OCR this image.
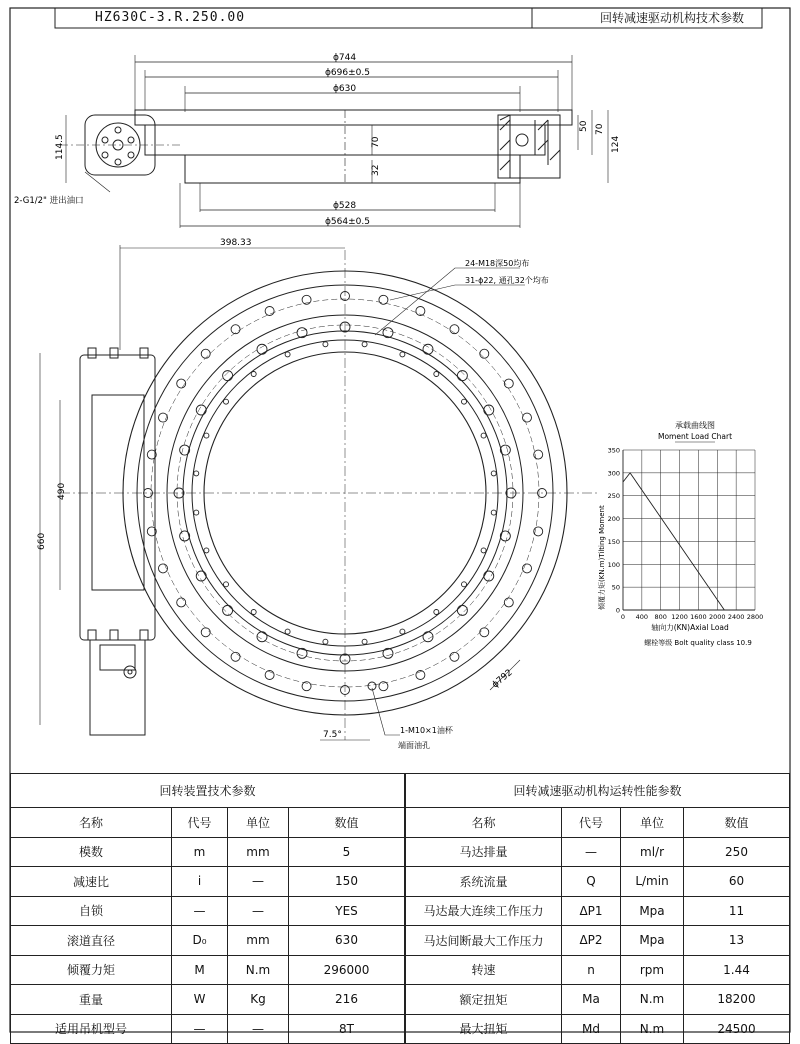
HZ630C-3.R.250.00	回转减速驱动机构技术参数
ϕ744
ϕ696±0.5
ϕ630
ϕ528
ϕ564±0.5
50 70
124
70
32
114.5
2-G1/2" 进出油口
398.33
490
660
ϕ792
7.5°
24-M18深50均布
31-ϕ22, 通孔32个均布
1-M10×1油杯
端面油孔
承载曲线图
Moment Load Chart
0 400 800 1200 1600 2000 2400 2800
0
50
100
150
200
250
300
350
倾覆力矩(KN.m)Tilting Moment
轴向力(KN)Axial Load
螺栓等级 Bolt quality class 10.9
回转装置技术参数			
名称	代号	单位	数值
模数	m	mm	5
减速比	i	—	150
自锁	—	—	YES
滚道直径	D₀	mm	630
倾覆力矩	M	N.m	296000
重量	W	Kg	216
适用吊机型号	—	—	8T
回转减速驱动机构运转性能参数			
名称	代号	单位	数值
马达排量	—	ml/r	250
系统流量	Q	L/min	60
马达最大连续工作压力	ΔP1	Mpa	11
马达间断最大工作压力	ΔP2	Mpa	13
转速	n	rpm	1.44
额定扭矩	Ma	N.m	18200
最大扭矩	Md	N.m	24500
